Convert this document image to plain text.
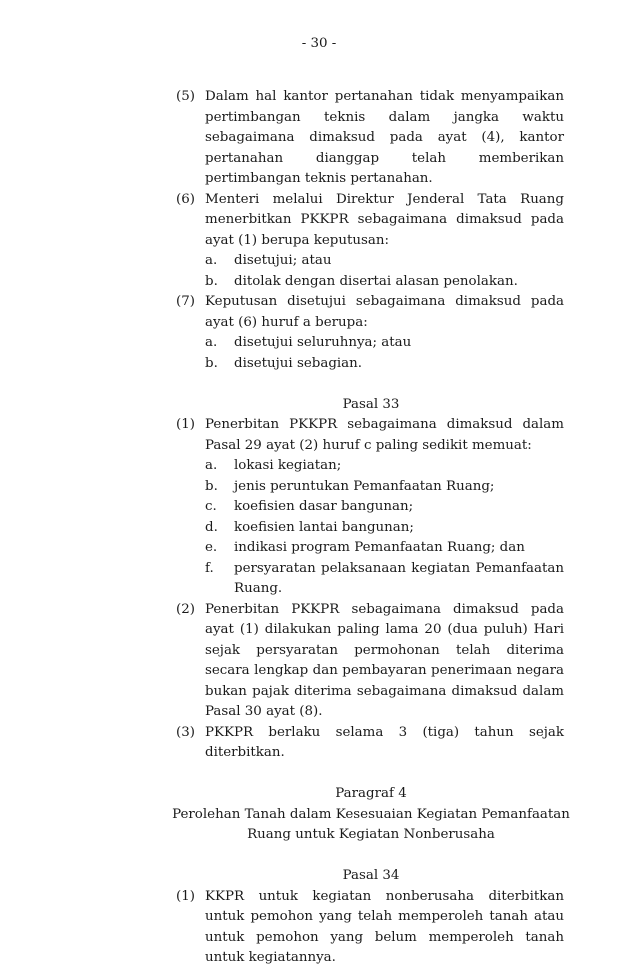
- 30 -
(5) Dalam hal kantor pertanahan tidak menyampaikan pertimbangan teknis dalam jangka waktu sebagaimana dimaksud pada ayat (4), kantor pertanahan dianggap telah memberikan pertimbangan teknis pertanahan.
(6) Menteri melalui Direktur Jenderal Tata Ruang menerbitkan PKKPR sebagaimana dimaksud pada ayat (1) berupa keputusan:
a.	disetujui; atau
b.	ditolak dengan disertai alasan penolakan.
(7) Keputusan disetujui sebagaimana dimaksud pada ayat (6) huruf a berupa:
a.	disetujui seluruhnya; atau
b.	disetujui sebagian.
Pasal 33
(1) Penerbitan PKKPR sebagaimana dimaksud dalam Pasal 29 ayat (2) huruf c paling sedikit memuat:
a.	lokasi kegiatan;
b.	jenis peruntukan Pemanfaatan Ruang;
c.	koefisien dasar bangunan;
d.	koefisien lantai bangunan;
e.	indikasi program Pemanfaatan Ruang; dan
f.	persyaratan pelaksanaan kegiatan Pemanfaatan Ruang.
(2) Penerbitan PKKPR sebagaimana dimaksud pada ayat (1) dilakukan paling lama 20 (dua puluh) Hari sejak persyaratan permohonan telah diterima secara lengkap dan pembayaran penerimaan negara bukan pajak diterima sebagaimana dimaksud dalam Pasal 30 ayat (8).
(3) PKKPR berlaku selama 3 (tiga) tahun sejak diterbitkan.
Paragraf 4
Perolehan Tanah dalam Kesesuaian Kegiatan Pemanfaatan
Ruang untuk Kegiatan Nonberusaha
Pasal 34
(1) KKPR untuk kegiatan nonberusaha diterbitkan untuk pemohon yang telah memperoleh tanah atau untuk pemohon yang belum memperoleh tanah untuk kegiatannya.
